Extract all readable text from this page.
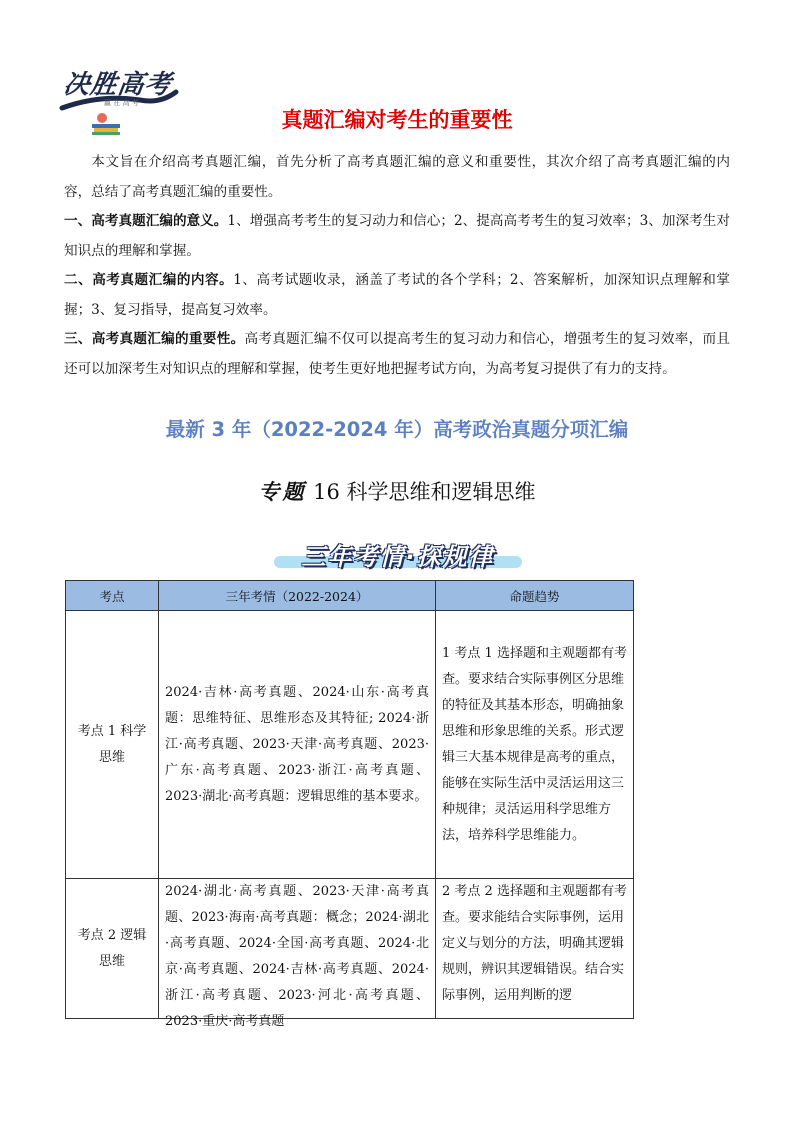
决胜高考
赢 在 高 考
真题汇编对考生的重要性

本文旨在介绍高考真题汇编，首先分析了高考真题汇编的意义和重要性，其次介绍了高考真题汇编的内容，总结了高考真题汇编的重要性。

一、高考真题汇编的意义。1、增强高考考生的复习动力和信心；2、提高高考考生的复习效率；3、加深考生对知识点的理解和掌握。

二、高考真题汇编的内容。1、高考试题收录，涵盖了考试的各个学科；2、答案解析，加深知识点理解和掌握；3、复习指导，提高复习效率。

三、高考真题汇编的重要性。高考真题汇编不仅可以提高考生的复习动力和信心，增强考生的复习效率，而且还可以加深考生对知识点的理解和掌握，使考生更好地把握考试方向，为高考复习提供了有力的支持。

最新 3 年（2022-2024 年）高考政治真题分项汇编
专题 16 科学思维和逻辑思维
三年考情·探规律
考点	三年考情（2022-2024）	命题趋势
考点 1 科学思维	2024·吉林·高考真题、2024·山东·高考真题：思维特征、思维形态及其特征; 2024·浙江·高考真题、2023·天津·高考真题、2023·广东·高考真题、2023·浙江·高考真题、2023·湖北·高考真题：逻辑思维的基本要求。	1 考点 1 选择题和主观题都有考查。要求结合实际事例区分思维的特征及其基本形态，明确抽象思维和形象思维的关系。形式逻辑三大基本规律是高考的重点，能够在实际生活中灵活运用这三种规律；灵活运用科学思维方法，培养科学思维能力。
考点 2 逻辑思维	2024·湖北·高考真题、2023·天津·高考真题、2023·海南·高考真题：概念；2024·湖北·高考真题、2024·全国·高考真题、2024·北京·高考真题、2024·吉林·高考真题、2024·浙江·高考真题、2023·河北·高考真题、2023·重庆·高考真题	2 考点 2 选择题和主观题都有考查。要求能结合实际事例，运用定义与划分的方法，明确其逻辑规则，辨识其逻辑错误。结合实际事例，运用判断的逻
